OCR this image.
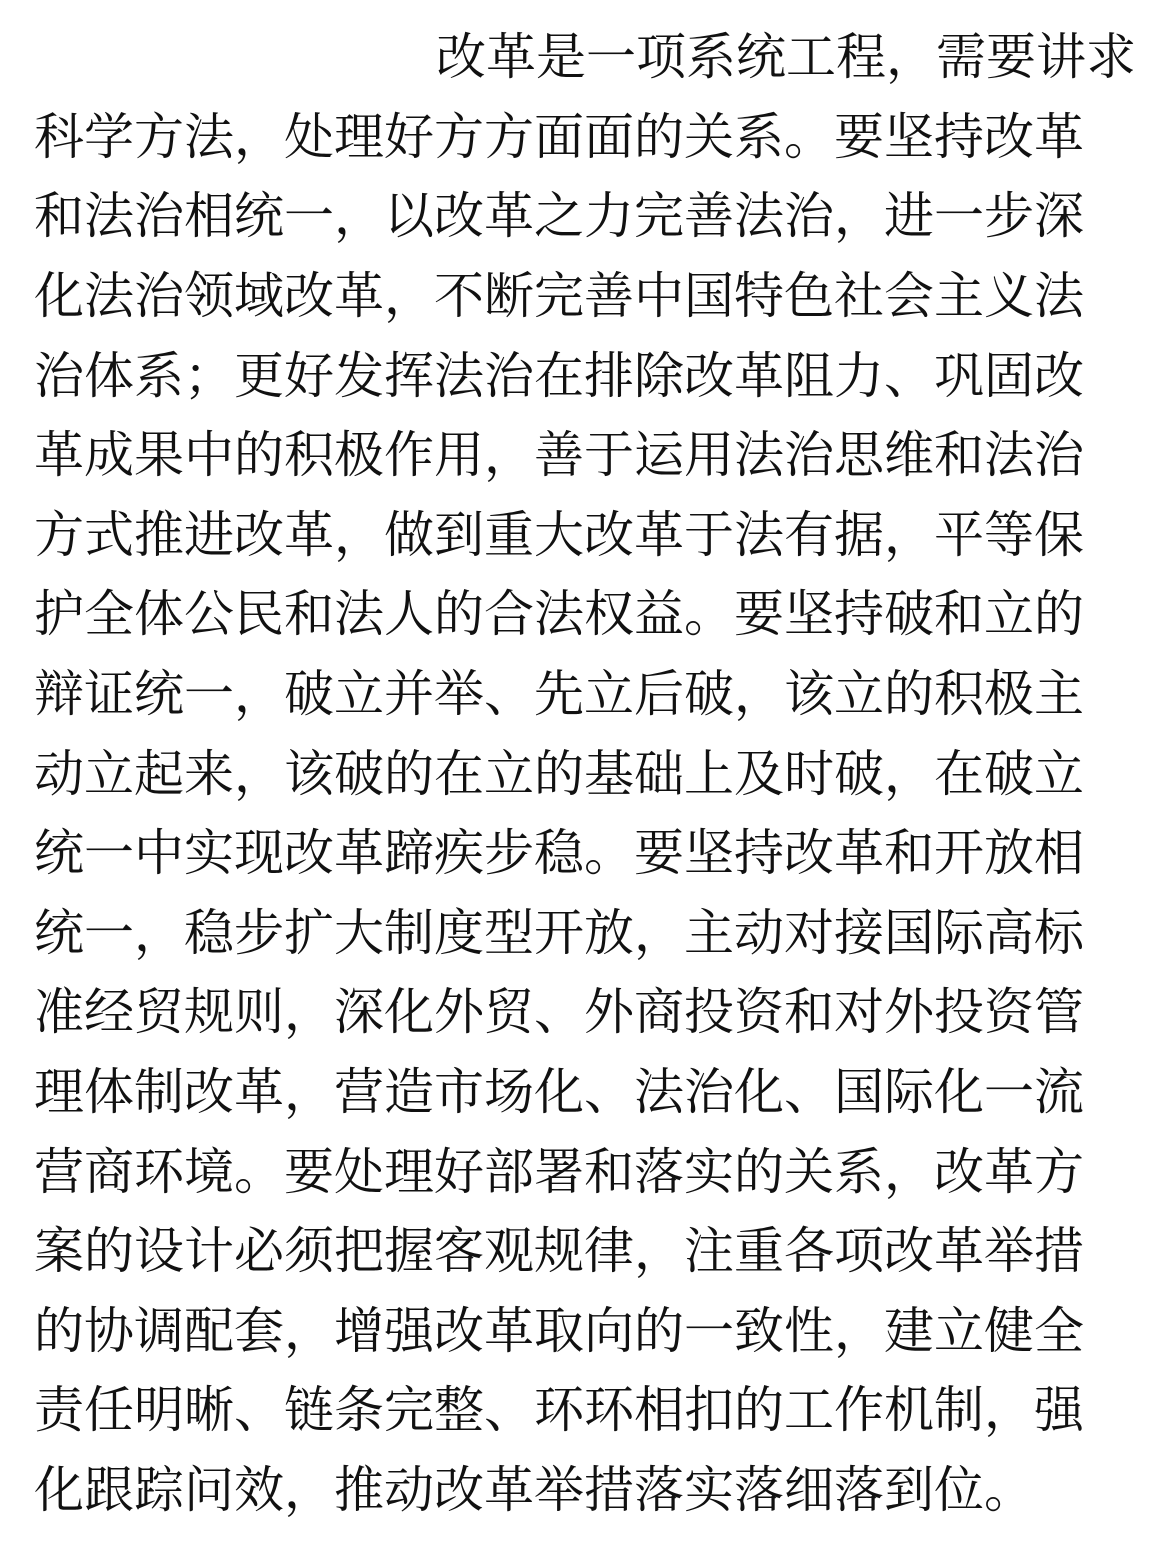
改革是一项系统工程，需要讲求
科学方法，处理好方方面面的关系。要坚持改革
和法治相统一，以改革之力完善法治，进一步深
化法治领域改革，不断完善中国特色社会主义法
治体系；更好发挥法治在排除改革阻力、巩固改
革成果中的积极作用，善于运用法治思维和法治
方式推进改革，做到重大改革于法有据，平等保
护全体公民和法人的合法权益。要坚持破和立的
辩证统一，破立并举、先立后破，该立的积极主
动立起来，该破的在立的基础上及时破，在破立
统一中实现改革蹄疾步稳。要坚持改革和开放相
统一，稳步扩大制度型开放，主动对接国际高标
准经贸规则，深化外贸、外商投资和对外投资管
理体制改革，营造市场化、法治化、国际化一流
营商环境。要处理好部署和落实的关系，改革方
案的设计必须把握客观规律，注重各项改革举措
的协调配套，增强改革取向的一致性，建立健全
责任明晰、链条完整、环环相扣的工作机制，强
化跟踪问效，推动改革举措落实落细落到位。
